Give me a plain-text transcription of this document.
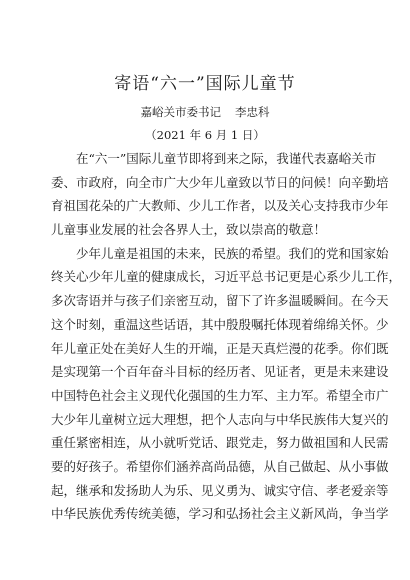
寄语“六一”国际儿童节
嘉峪关市委书记 李忠科
（2021 年 6 月 1 日）
在“六一”国际儿童节即将到来之际，我谨代表嘉峪关市
委、市政府，向全市广大少年儿童致以节日的问候！向辛勤培
育祖国花朵的广大教师、少儿工作者，以及关心支持我市少年
儿童事业发展的社会各界人士，致以崇高的敬意！
少年儿童是祖国的未来，民族的希望。我们的党和国家始
终关心少年儿童的健康成长，习近平总书记更是心系少儿工作，
多次寄语并与孩子们亲密互动，留下了许多温暖瞬间。在今天
这个时刻，重温这些话语，其中殷殷嘱托体现着绵绵关怀。少
年儿童正处在美好人生的开端，正是天真烂漫的花季。你们既
是实现第一个百年奋斗目标的经历者、见证者，更是未来建设
中国特色社会主义现代化强国的生力军、主力军。希望全市广
大少年儿童树立远大理想，把个人志向与中华民族伟大复兴的
重任紧密相连，从小就听党话、跟党走，努力做祖国和人民需
要的好孩子。希望你们涵养高尚品德，从自己做起、从小事做
起，继承和发扬助人为乐、见义勇为、诚实守信、孝老爱亲等
中华民族优秀传统美德，学习和弘扬社会主义新风尚，争当学
